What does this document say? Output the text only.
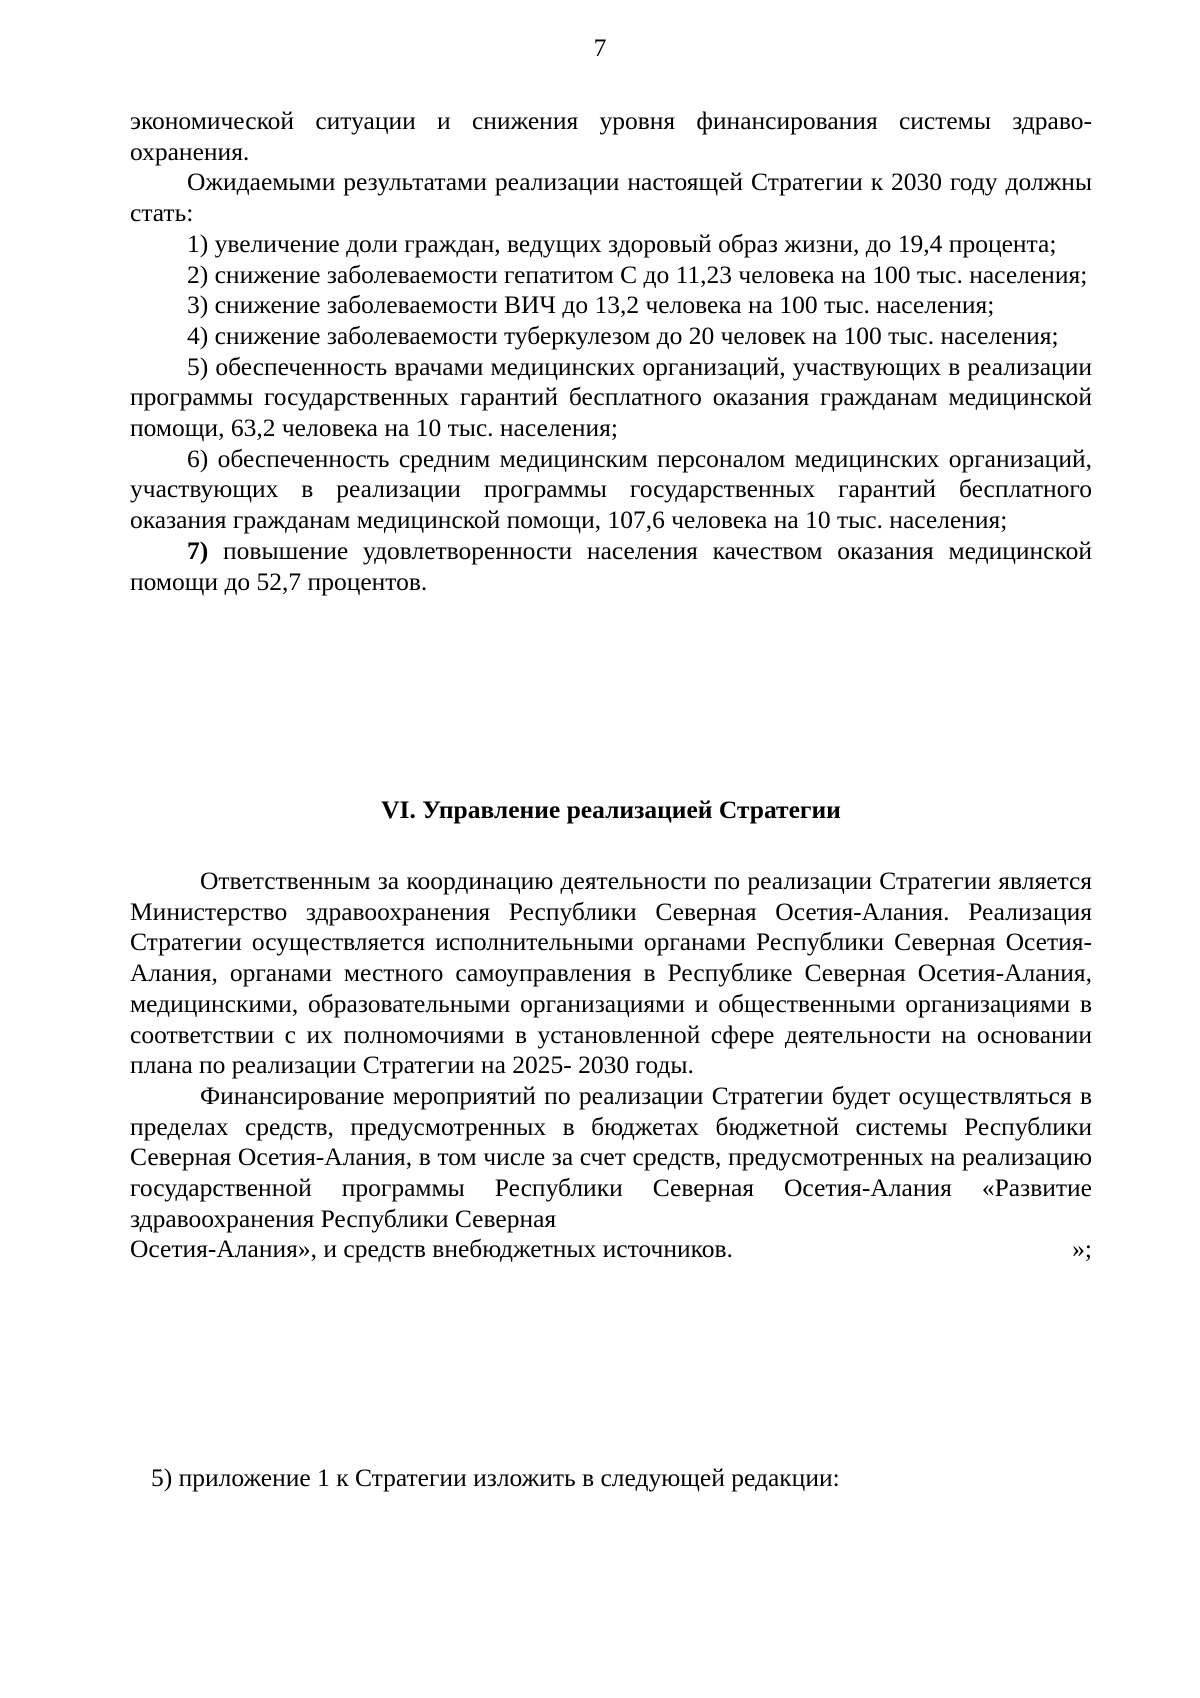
7

экономической ситуации и снижения уровня финансирования системы здравоохранения.

Ожидаемыми результатами реализации настоящей Стратегии к 2030 году должны стать:

1) увеличение доли граждан, ведущих здоровый образ жизни, до 19,4 процента;

2) снижение заболеваемости гепатитом С до 11,23 человека на 100 тыс. населения;

3) снижение заболеваемости ВИЧ до 13,2 человека на 100 тыс. населения;

4) снижение заболеваемости туберкулезом до 20 человек на 100 тыс. населения;

5) обеспеченность врачами медицинских организаций, участвующих в реализации программы государственных гарантий бесплатного оказания гражданам медицинской помощи, 63,2 человека на 10 тыс. населения;

6) обеспеченность средним медицинским персоналом медицинских организаций, участвующих в реализации программы государственных гарантий бесплатного оказания гражданам медицинской помощи, 107,6 человека на 10 тыс. населения;

7) повышение удовлетворенности населения качеством оказания медицинской помощи до 52,7 процентов.

VI. Управление реализацией Стратегии

Ответственным за координацию деятельности по реализации Стратегии является Министерство здравоохранения Республики Северная Осетия-Алания. Реализация Стратегии осуществляется исполнительными органами Республики Северная Осетия-Алания, органами местного самоуправления в Республике Северная Осетия-Алания, медицинскими, образовательными организациями и общественными организациями в соответствии с их полномочиями в установленной сфере деятельности на основании плана по реализации Стратегии на 2025- 2030 годы.

Финансирование мероприятий по реализации Стратегии будет осуществляться в пределах средств, предусмотренных в бюджетах бюджетной системы Республики Северная Осетия-Алания, в том числе за счет средств, предусмотренных на реализацию государственной программы Республики Северная Осетия-Алания «Развитие здравоохранения Республики Северная

Осетия-Алания», и средств внебюджетных источников.	»;
5) приложение 1 к Стратегии изложить в следующей редакции:
